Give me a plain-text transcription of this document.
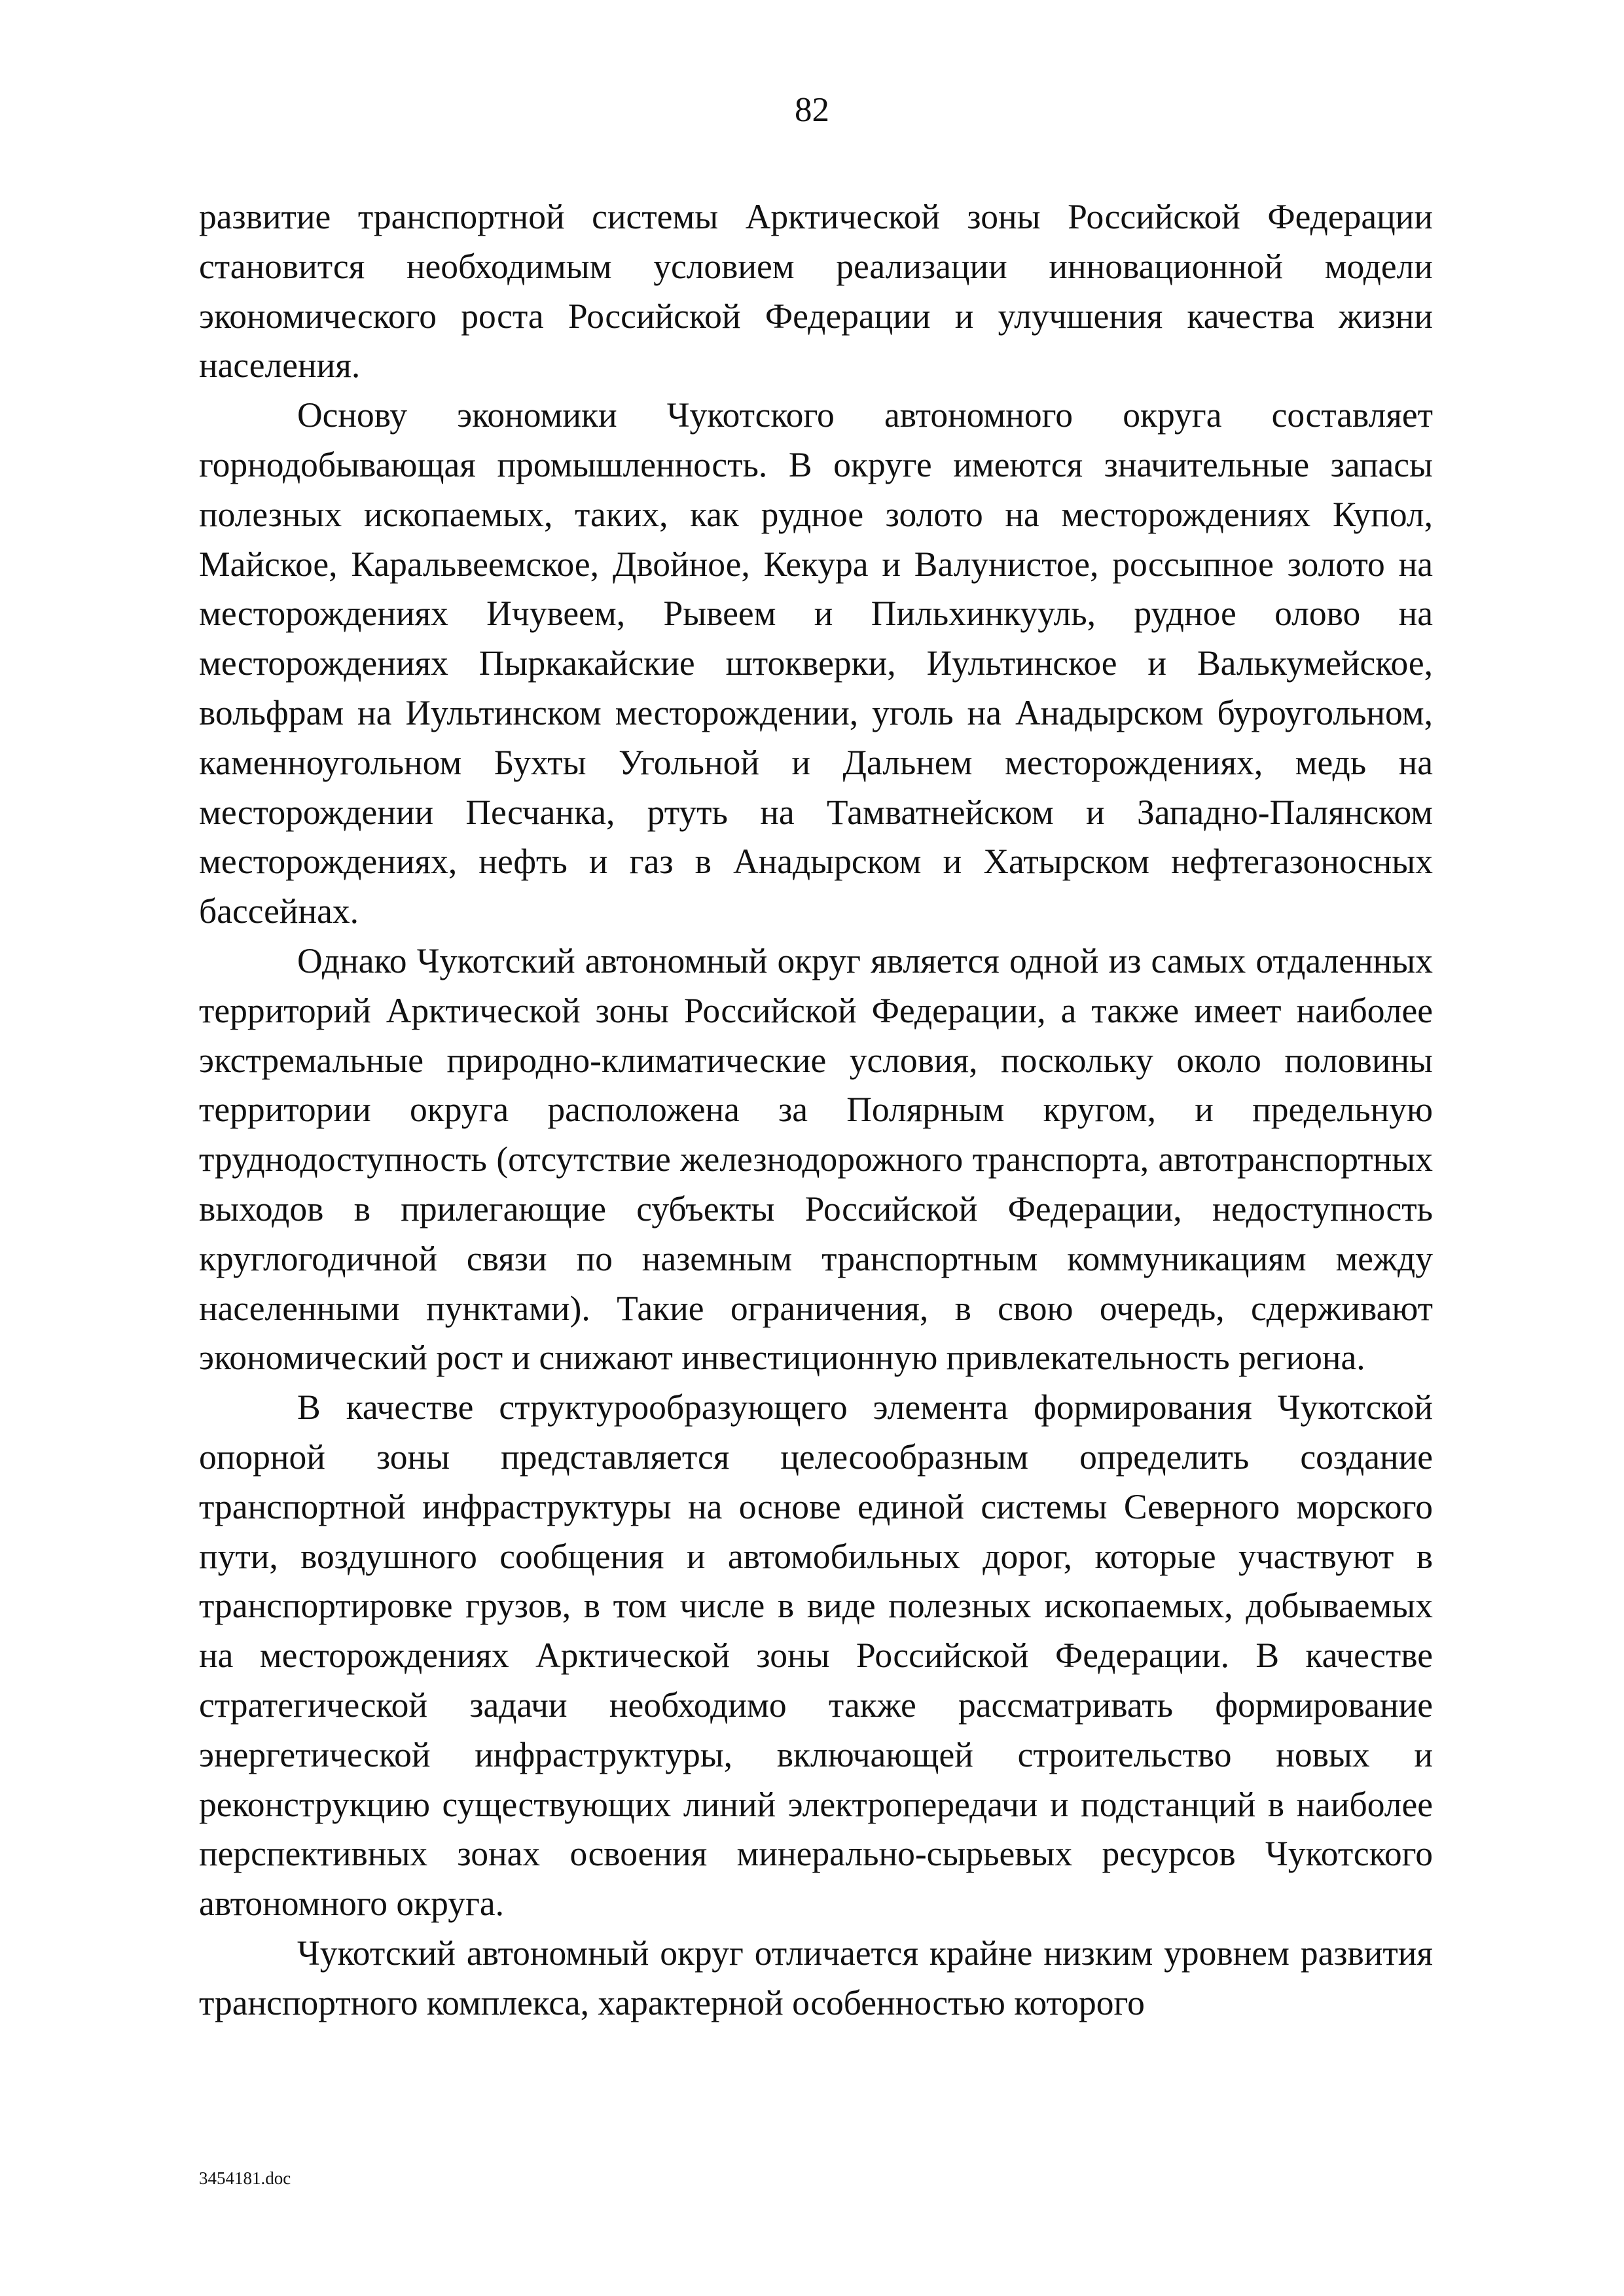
82

развитие транспортной системы Арктической зоны Российской Федерации становится необходимым условием реализации инновационной модели экономического роста Российской Федерации и улучшения качества жизни населения.

Основу экономики Чукотского автономного округа составляет горнодобывающая промышленность. В округе имеются значительные запасы полезных ископаемых, таких, как рудное золото на месторождениях Купол, Майское, Каральвеемское, Двойное, Кекура и Валунистое, россыпное золото на месторождениях Ичувеем, Рывеем и Пильхинкууль, рудное олово на месторождениях Пыркакайские штокверки, Иультинское и Валькумейское, вольфрам на Иультинском месторождении, уголь на Анадырском буроугольном, каменноугольном Бухты Угольной и Дальнем месторождениях, медь на месторождении Песчанка, ртуть на Тамватнейском и Западно-Палянском месторождениях, нефть и газ в Анадырском и Хатырском нефтегазоносных бассейнах.

Однако Чукотский автономный округ является одной из самых отдаленных территорий Арктической зоны Российской Федерации, а также имеет наиболее экстремальные природно-климатические условия, поскольку около половины территории округа расположена за Полярным кругом, и предельную труднодоступность (отсутствие железнодорожного транспорта, автотранспортных выходов в прилегающие субъекты Российской Федерации, недоступность круглогодичной связи по наземным транспортным коммуникациям между населенными пунктами). Такие ограничения, в свою очередь, сдерживают экономический рост и снижают инвестиционную привлекательность региона.

В качестве структурообразующего элемента формирования Чукотской опорной зоны представляется целесообразным определить создание транспортной инфраструктуры на основе единой системы Северного морского пути, воздушного сообщения и автомобильных дорог, которые участвуют в транспортировке грузов, в том числе в виде полезных ископаемых, добываемых на месторождениях Арктической зоны Российской Федерации. В качестве стратегической задачи необходимо также рассматривать формирование энергетической инфраструктуры, включающей строительство новых и реконструкцию существующих линий электропередачи и подстанций в наиболее перспективных зонах освоения минерально-сырьевых ресурсов Чукотского автономного округа.

Чукотский автономный округ отличается крайне низким уровнем развития транспортного комплекса, характерной особенностью которого

3454181.doc
